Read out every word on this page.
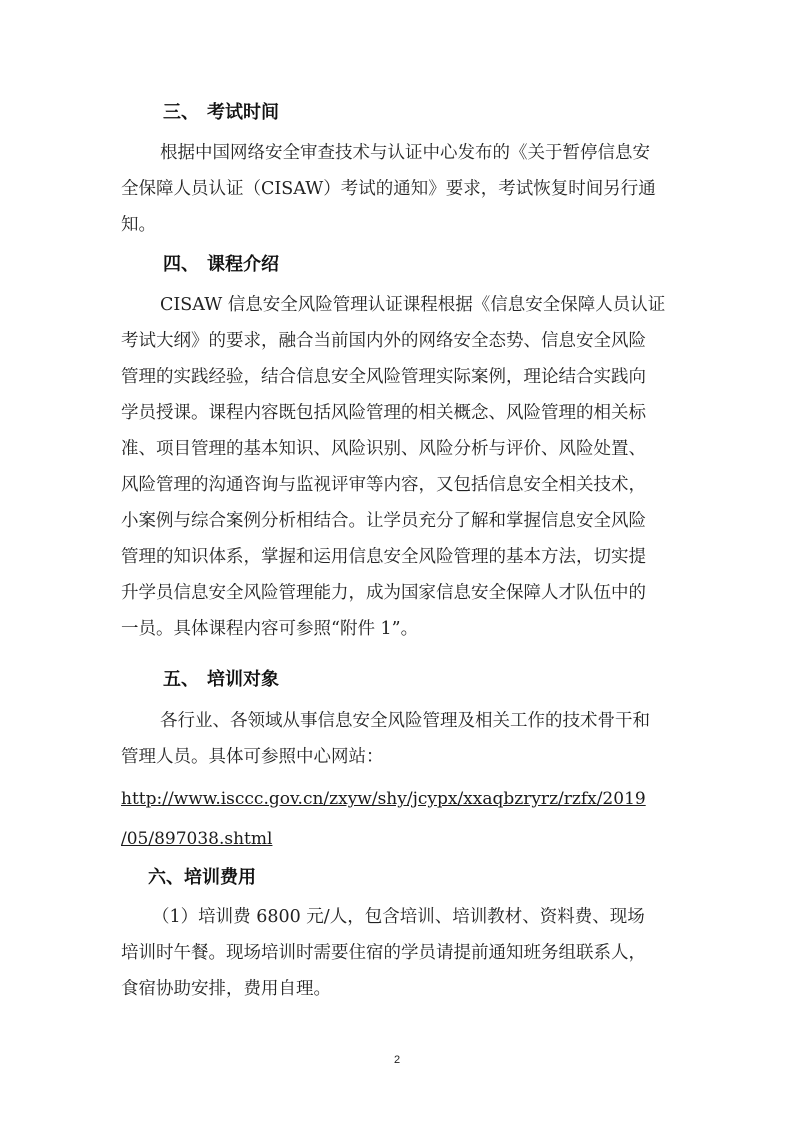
三、 考试时间
根据中国网络安全审查技术与认证中心发布的《关于暂停信息安
全保障人员认证（CISAW）考试的通知》要求，考试恢复时间另行通
知。
四、 课程介绍
CISAW 信息安全风险管理认证课程根据《信息安全保障人员认证
考试大纲》的要求，融合当前国内外的网络安全态势、信息安全风险
管理的实践经验，结合信息安全风险管理实际案例，理论结合实践向
学员授课。课程内容既包括风险管理的相关概念、风险管理的相关标
准、项目管理的基本知识、风险识别、风险分析与评价、风险处置、
风险管理的沟通咨询与监视评审等内容，又包括信息安全相关技术，
小案例与综合案例分析相结合。让学员充分了解和掌握信息安全风险
管理的知识体系，掌握和运用信息安全风险管理的基本方法，切实提
升学员信息安全风险管理能力，成为国家信息安全保障人才队伍中的
一员。具体课程内容可参照“附件 1”。
五、 培训对象
各行业、各领域从事信息安全风险管理及相关工作的技术骨干和
管理人员。具体可参照中心网站：
http://www.isccc.gov.cn/zxyw/shy/jcypx/xxaqbzryrz/rzfx/2019
/05/897038.shtml
六、培训费用
（1）培训费 6800 元/人，包含培训、培训教材、资料费、现场
培训时午餐。现场培训时需要住宿的学员请提前通知班务组联系人，
食宿协助安排，费用自理。
2
